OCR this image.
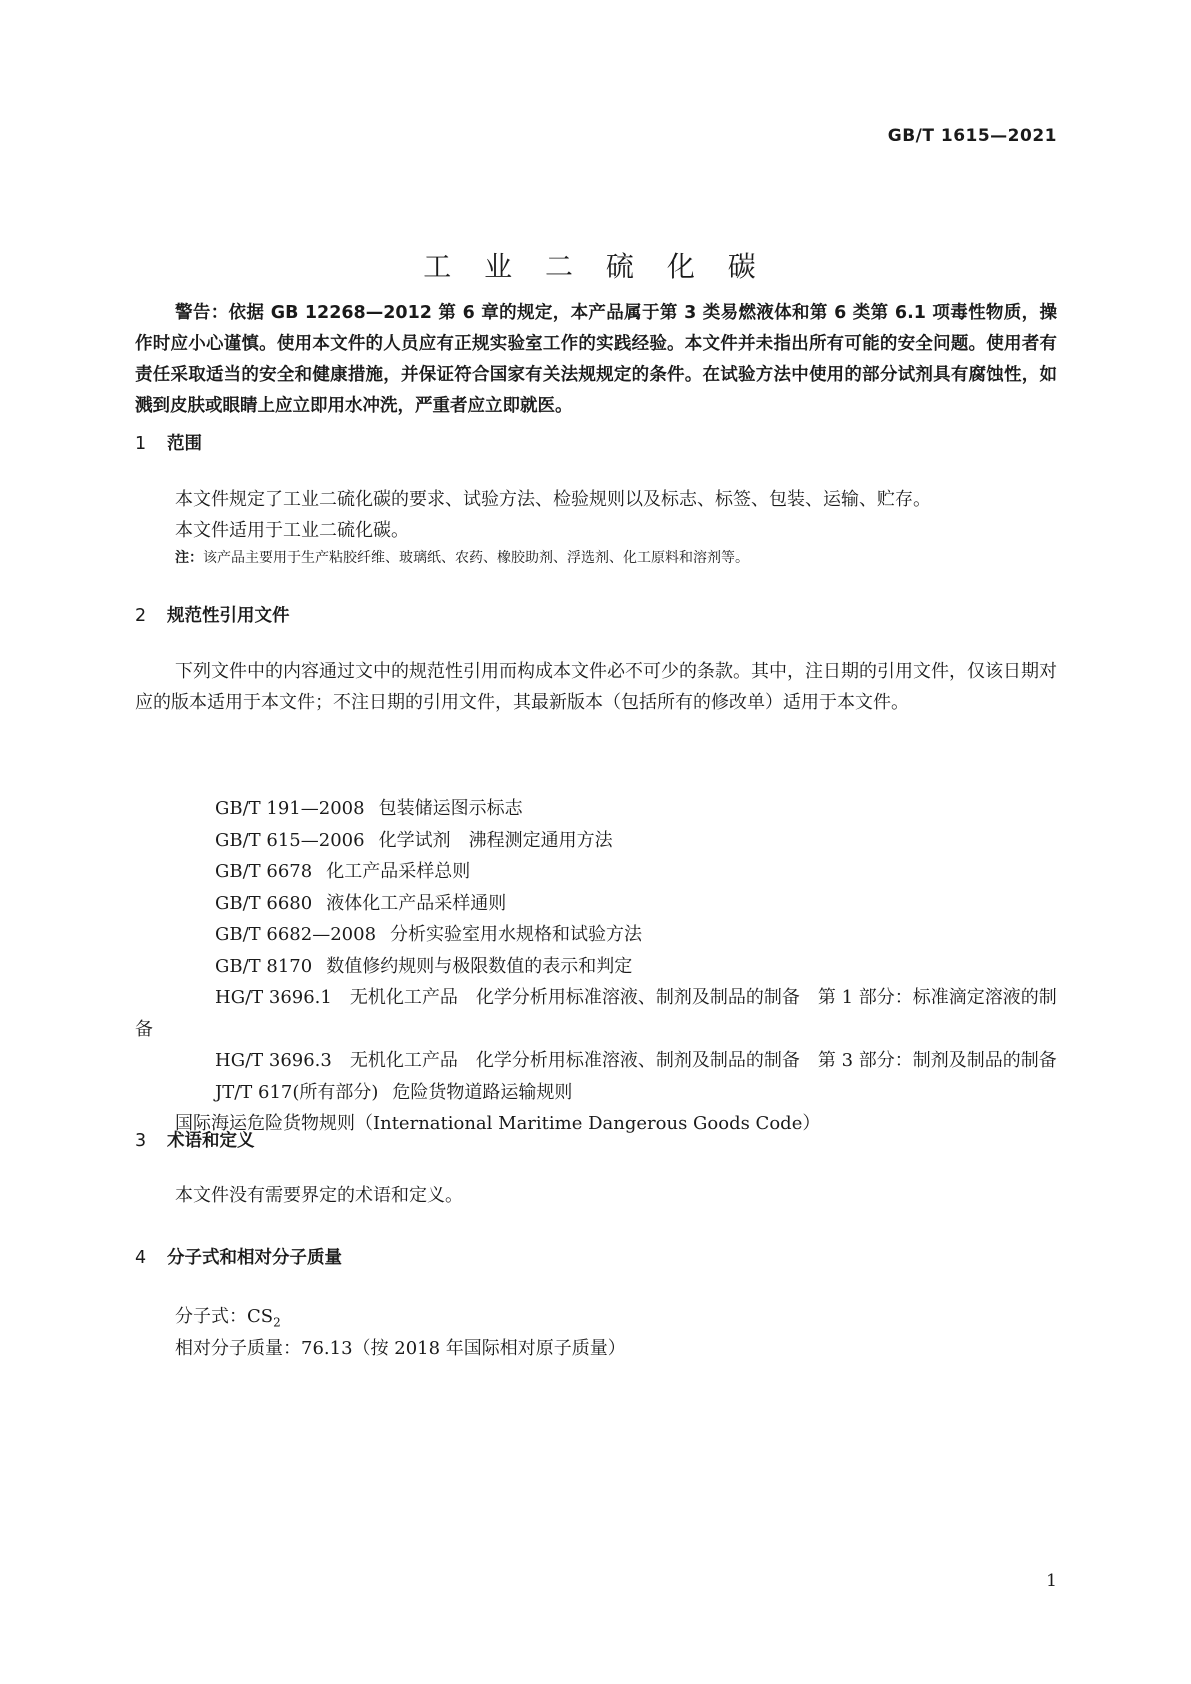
GB/T 1615—2021
工 业 二 硫 化 碳

警告：依据 GB 12268—2012 第 6 章的规定，本产品属于第 3 类易燃液体和第 6 类第 6.1 项毒性物质，操作时应小心谨慎。使用本文件的人员应有正规实验室工作的实践经验。本文件并未指出所有可能的安全问题。使用者有责任采取适当的安全和健康措施，并保证符合国家有关法规规定的条件。在试验方法中使用的部分试剂具有腐蚀性，如溅到皮肤或眼睛上应立即用水冲洗，严重者应立即就医。

1 范围

本文件规定了工业二硫化碳的要求、试验方法、检验规则以及标志、标签、包装、运输、贮存。

本文件适用于工业二硫化碳。

注：该产品主要用于生产粘胶纤维、玻璃纸、农药、橡胶助剂、浮选剂、化工原料和溶剂等。

2 规范性引用文件

下列文件中的内容通过文中的规范性引用而构成本文件必不可少的条款。其中，注日期的引用文件，仅该日期对应的版本适用于本文件；不注日期的引用文件，其最新版本（包括所有的修改单）适用于本文件。

GB/T 191—2008 包装储运图示标志
GB/T 615—2006 化学试剂　沸程测定通用方法
GB/T 6678 化工产品采样总则
GB/T 6680 液体化工产品采样通则
GB/T 6682—2008 分析实验室用水规格和试验方法
GB/T 8170 数值修约规则与极限数值的表示和判定
HG/T 3696.1 无机化工产品　化学分析用标准溶液、制剂及制品的制备　第 1 部分：标准滴定溶液的制备
HG/T 3696.3 无机化工产品　化学分析用标准溶液、制剂及制品的制备　第 3 部分：制剂及制品的制备
JT/T 617(所有部分) 危险货物道路运输规则
国际海运危险货物规则（International Maritime Dangerous Goods Code）
3 术语和定义

本文件没有需要界定的术语和定义。

4 分子式和相对分子质量

分子式：$CS_2$

相对分子质量：76.13（按 2018 年国际相对原子质量）

1
